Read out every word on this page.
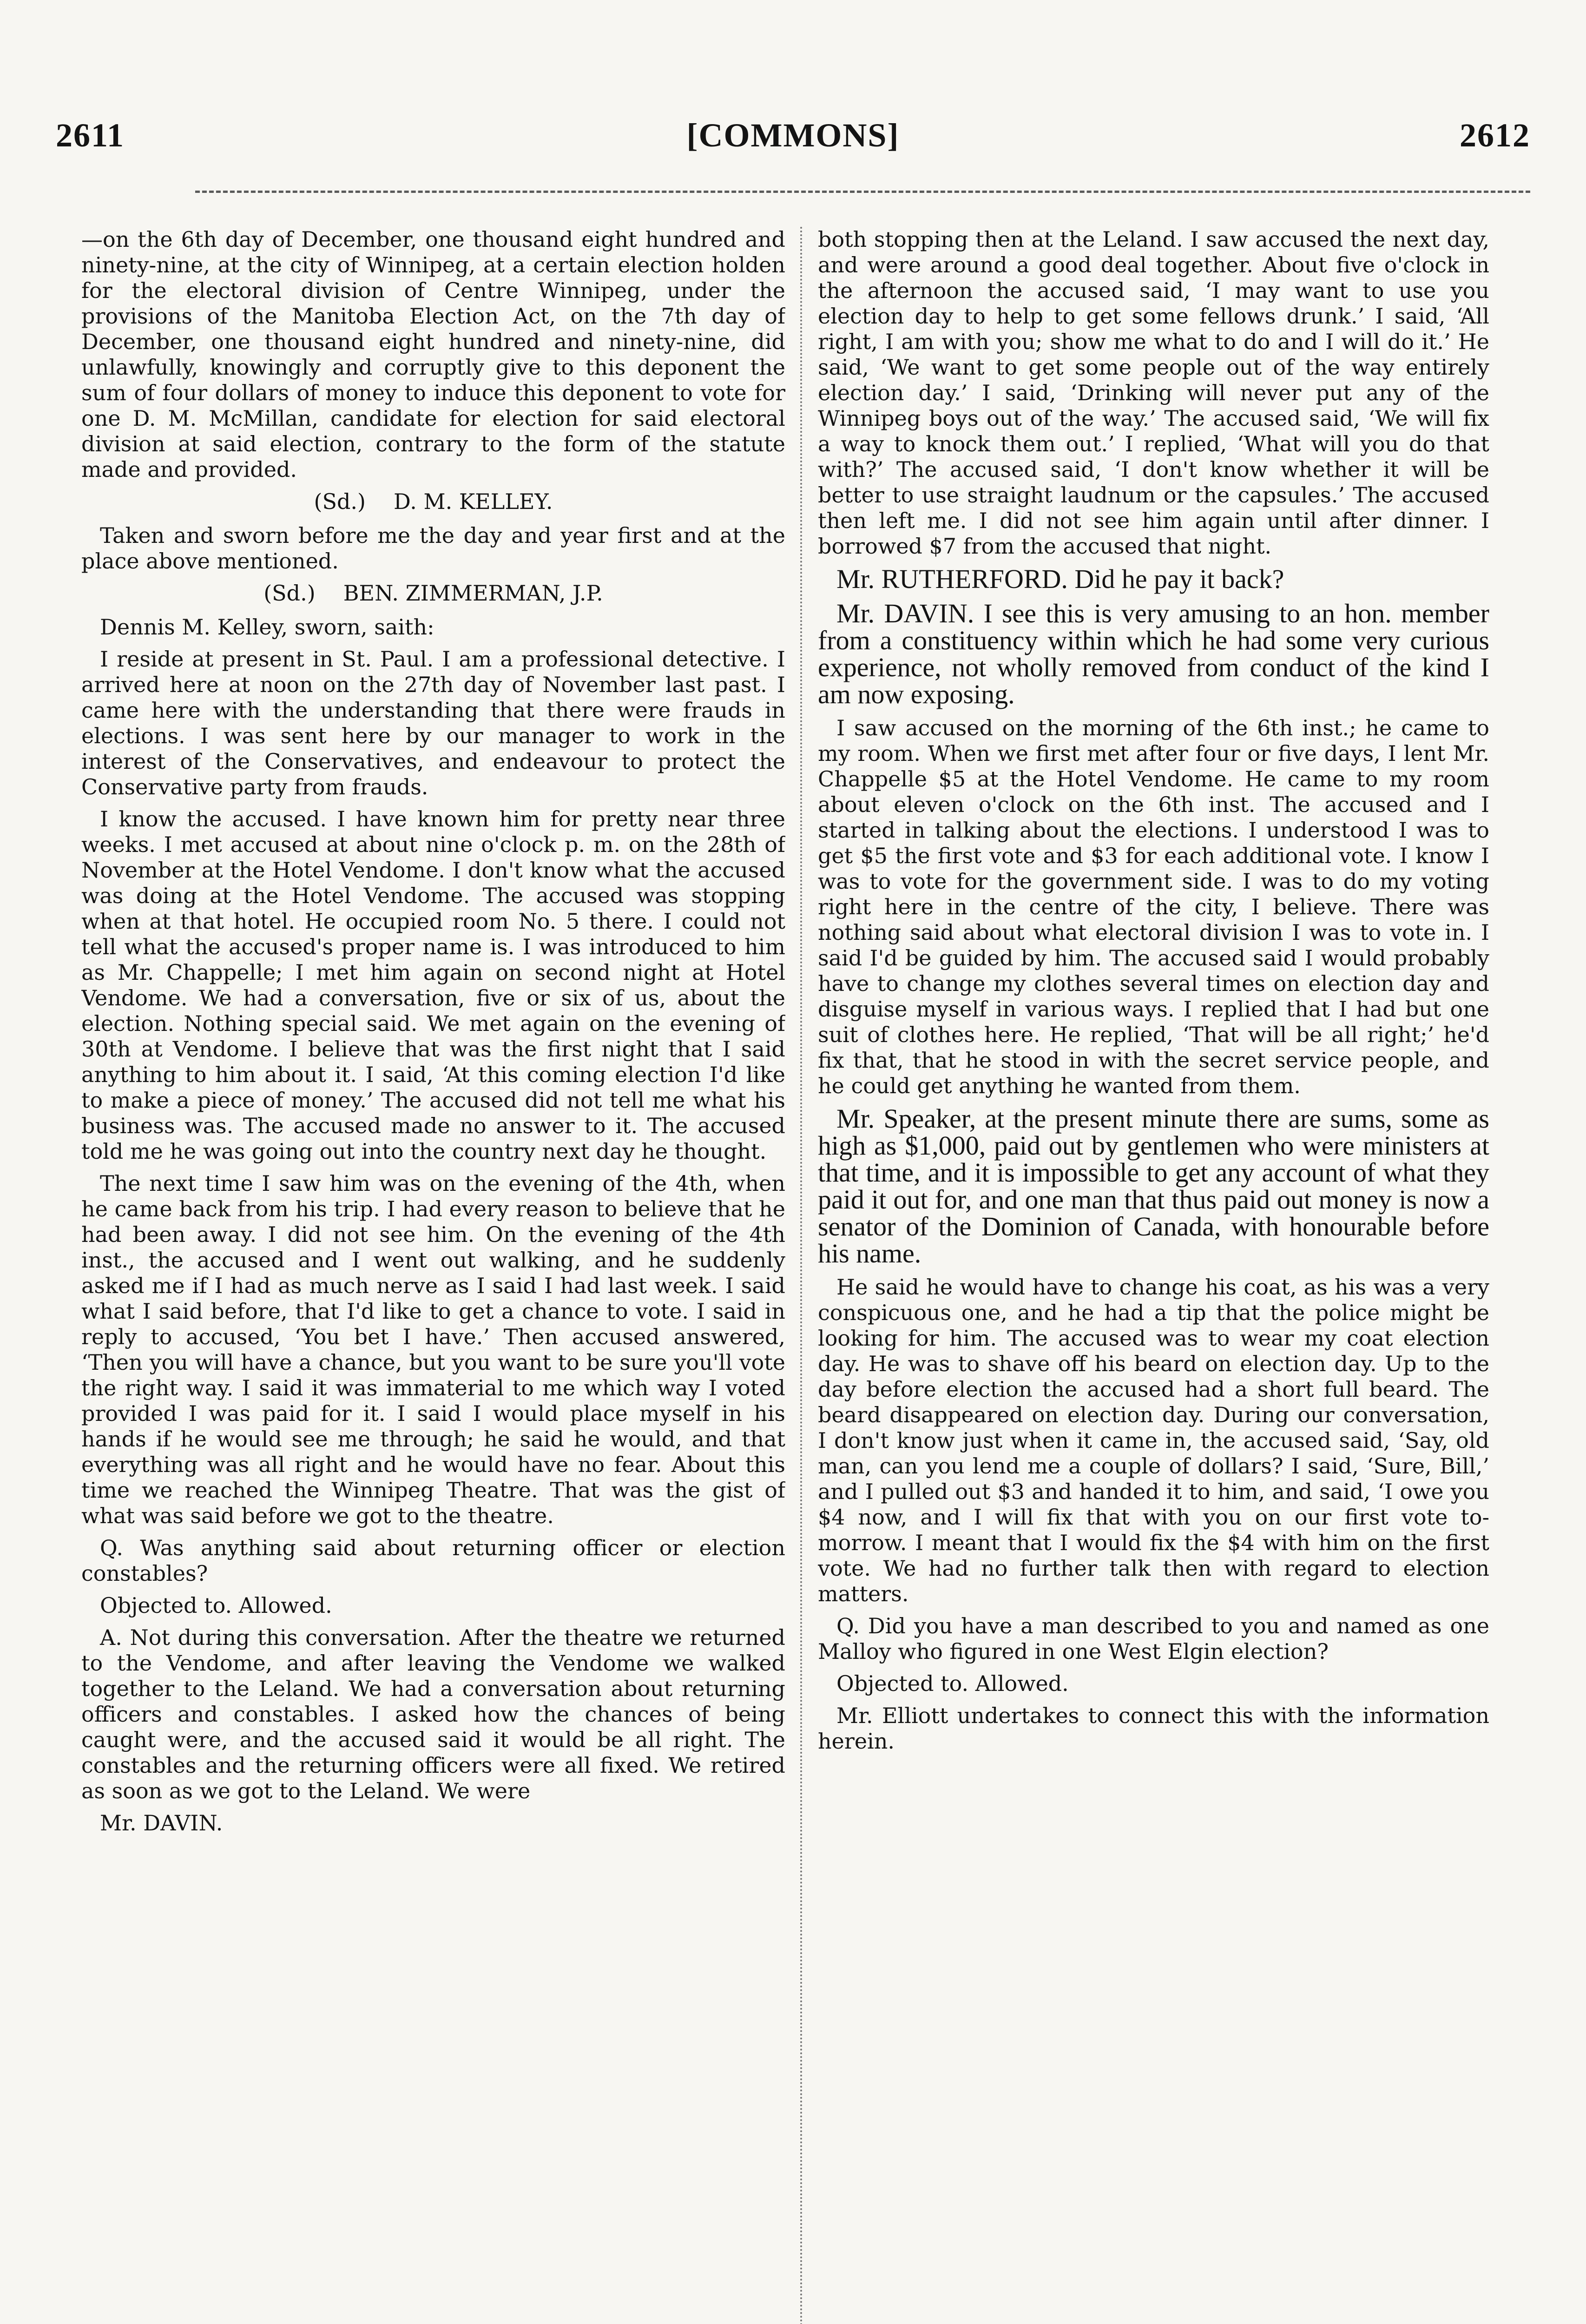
2611	[COMMONS]	2612

—on the 6th day of December, one thousand eight hundred and ninety-nine, at the city of Winnipeg, at a certain election holden for the electoral division of Centre Winnipeg, under the provisions of the Manitoba Election Act, on the 7th day of December, one thousand eight hundred and ninety-nine, did unlawfully, knowingly and corruptly give to this deponent the sum of four dollars of money to induce this deponent to vote for one D. M. McMillan, candidate for election for said electoral division at said election, contrary to the form of the statute made and provided.

(Sd.) D. M. KELLEY.

Taken and sworn before me the day and year first and at the place above mentioned.

(Sd.) BEN. ZIMMERMAN, J.P.

Dennis M. Kelley, sworn, saith:

I reside at present in St. Paul. I am a professional detective. I arrived here at noon on the 27th day of November last past. I came here with the understanding that there were frauds in elections. I was sent here by our manager to work in the interest of the Conservatives, and endeavour to protect the Conservative party from frauds.

I know the accused. I have known him for pretty near three weeks. I met accused at about nine o'clock p. m. on the 28th of November at the Hotel Vendome. I don't know what the accused was doing at the Hotel Vendome. The accused was stopping when at that hotel. He occupied room No. 5 there. I could not tell what the accused's proper name is. I was introduced to him as Mr. Chappelle; I met him again on second night at Hotel Vendome. We had a conversation, five or six of us, about the election. Nothing special said. We met again on the evening of 30th at Vendome. I believe that was the first night that I said anything to him about it. I said, ‘At this coming election I'd like to make a piece of money.’ The accused did not tell me what his business was. The accused made no answer to it. The accused told me he was going out into the country next day he thought.

The next time I saw him was on the evening of the 4th, when he came back from his trip. I had every reason to believe that he had been away. I did not see him. On the evening of the 4th inst., the accused and I went out walking, and he suddenly asked me if I had as much nerve as I said I had last week. I said what I said before, that I'd like to get a chance to vote. I said in reply to accused, ‘You bet I have.’ Then accused answered, ‘Then you will have a chance, but you want to be sure you'll vote the right way. I said it was immaterial to me which way I voted provided I was paid for it. I said I would place myself in his hands if he would see me through; he said he would, and that everything was all right and he would have no fear. About this time we reached the Winnipeg Theatre. That was the gist of what was said before we got to the theatre.

Q. Was anything said about returning officer or election constables?

Objected to. Allowed.

A. Not during this conversation. After the theatre we returned to the Vendome, and after leaving the Vendome we walked together to the Leland. We had a conversation about returning officers and constables. I asked how the chances of being caught were, and the accused said it would be all right. The constables and the returning officers were all fixed. We retired as soon as we got to the Leland. We were

Mr. DAVIN.

both stopping then at the Leland. I saw accused the next day, and were around a good deal together. About five o'clock in the afternoon the accused said, ‘I may want to use you election day to help to get some fellows drunk.’ I said, ‘All right, I am with you; show me what to do and I will do it.’ He said, ‘We want to get some people out of the way entirely election day.’ I said, ‘Drinking will never put any of the Winnipeg boys out of the way.’ The accused said, ‘We will fix a way to knock them out.’ I replied, ‘What will you do that with?’ The accused said, ‘I don't know whether it will be better to use straight laudnum or the capsules.’ The accused then left me. I did not see him again until after dinner. I borrowed $7 from the accused that night.

Mr. RUTHERFORD. Did he pay it back?

Mr. DAVIN. I see this is very amusing to an hon. member from a constituency within which he had some very curious experience, not wholly removed from conduct of the kind I am now exposing.

I saw accused on the morning of the 6th inst.; he came to my room. When we first met after four or five days, I lent Mr. Chappelle $5 at the Hotel Vendome. He came to my room about eleven o'clock on the 6th inst. The accused and I started in talking about the elections. I understood I was to get $5 the first vote and $3 for each additional vote. I know I was to vote for the government side. I was to do my voting right here in the centre of the city, I believe. There was nothing said about what electoral division I was to vote in. I said I'd be guided by him. The accused said I would probably have to change my clothes several times on election day and disguise myself in various ways. I replied that I had but one suit of clothes here. He replied, ‘That will be all right;’ he'd fix that, that he stood in with the secret service people, and he could get anything he wanted from them.

Mr. Speaker, at the present minute there are sums, some as high as $1,000, paid out by gentlemen who were ministers at that time, and it is impossible to get any account of what they paid it out for, and one man that thus paid out money is now a senator of the Dominion of Canada, with honourable before his name.

He said he would have to change his coat, as his was a very conspicuous one, and he had a tip that the police might be looking for him. The accused was to wear my coat election day. He was to shave off his beard on election day. Up to the day before election the accused had a short full beard. The beard disappeared on election day. During our conversation, I don't know just when it came in, the accused said, ‘Say, old man, can you lend me a couple of dollars? I said, ‘Sure, Bill,’ and I pulled out $3 and handed it to him, and said, ‘I owe you $4 now, and I will fix that with you on our first vote to-morrow. I meant that I would fix the $4 with him on the first vote. We had no further talk then with regard to election matters.

Q. Did you have a man described to you and named as one Malloy who figured in one West Elgin election?

Objected to. Allowed.

Mr. Elliott undertakes to connect this with the information herein.
